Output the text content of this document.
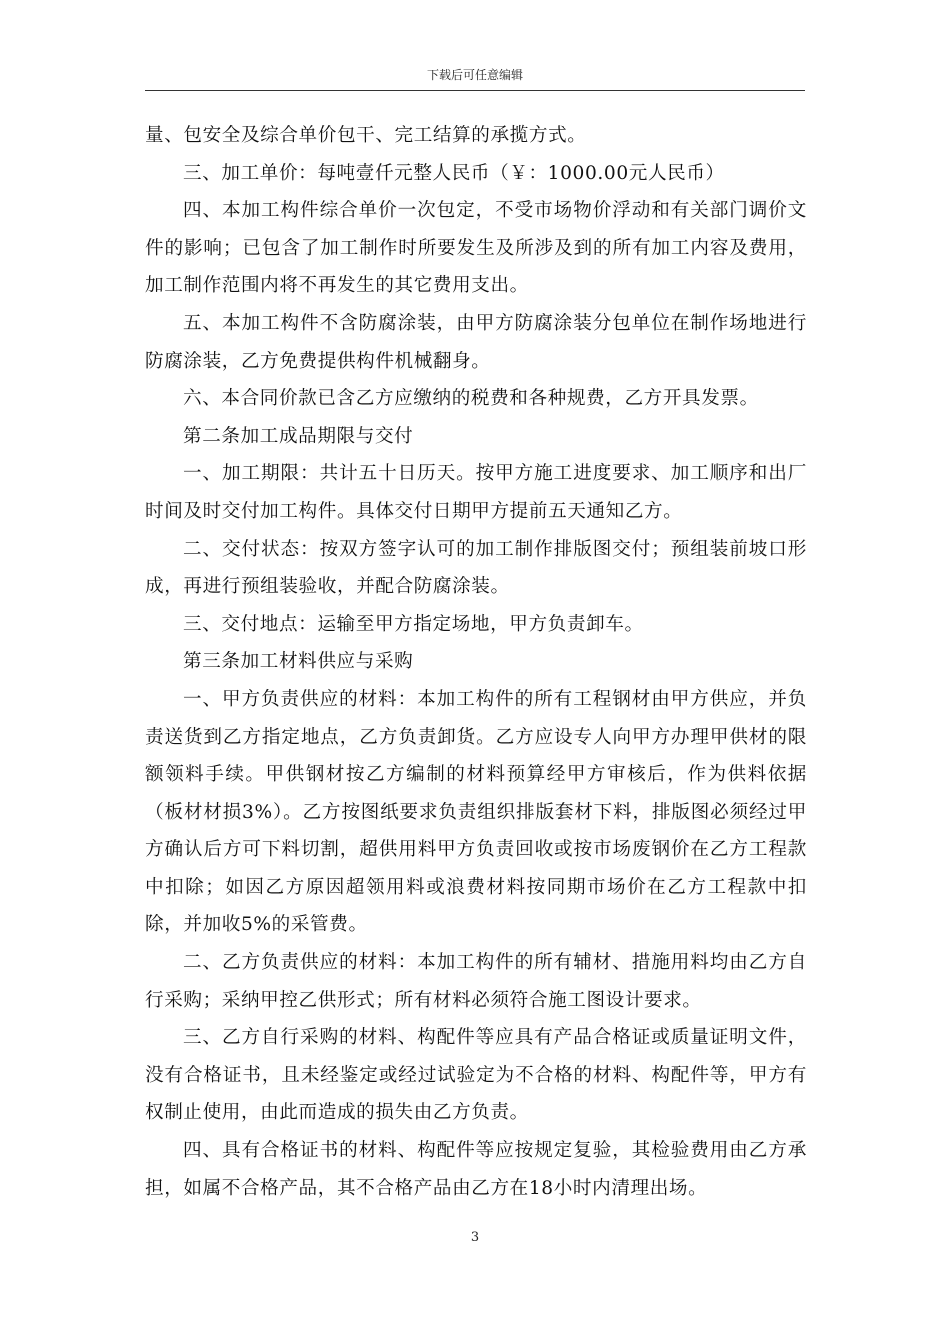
下载后可任意编辑

量、包安全及综合单价包干、完工结算的承揽方式。

三、加工单价：每吨壹仟元整人民币（￥：1000.00元人民币）

四、本加工构件综合单价一次包定，不受市场物价浮动和有关部门调价文件的影响；已包含了加工制作时所要发生及所涉及到的所有加工内容及费用，加工制作范围内将不再发生的其它费用支出。

五、本加工构件不含防腐涂装，由甲方防腐涂装分包单位在制作场地进行防腐涂装，乙方免费提供构件机械翻身。

六、本合同价款已含乙方应缴纳的税费和各种规费，乙方开具发票。

第二条加工成品期限与交付

一、加工期限：共计五十日历天。按甲方施工进度要求、加工顺序和出厂时间及时交付加工构件。具体交付日期甲方提前五天通知乙方。

二、交付状态：按双方签字认可的加工制作排版图交付；预组装前坡口形成，再进行预组装验收，并配合防腐涂装。

三、交付地点：运输至甲方指定场地，甲方负责卸车。

第三条加工材料供应与采购

一、甲方负责供应的材料：本加工构件的所有工程钢材由甲方供应，并负责送货到乙方指定地点，乙方负责卸货。乙方应设专人向甲方办理甲供材的限额领料手续。甲供钢材按乙方编制的材料预算经甲方审核后，作为供料依据（板材材损3%）。乙方按图纸要求负责组织排版套材下料，排版图必须经过甲方确认后方可下料切割，超供用料甲方负责回收或按市场废钢价在乙方工程款中扣除；如因乙方原因超领用料或浪费材料按同期市场价在乙方工程款中扣除，并加收5%的采管费。

二、乙方负责供应的材料：本加工构件的所有辅材、措施用料均由乙方自行采购；采纳甲控乙供形式；所有材料必须符合施工图设计要求。

三、乙方自行采购的材料、构配件等应具有产品合格证或质量证明文件，没有合格证书，且未经鉴定或经过试验定为不合格的材料、构配件等，甲方有权制止使用，由此而造成的损失由乙方负责。

四、具有合格证书的材料、构配件等应按规定复验，其检验费用由乙方承担，如属不合格产品，其不合格产品由乙方在18小时内清理出场。

3
